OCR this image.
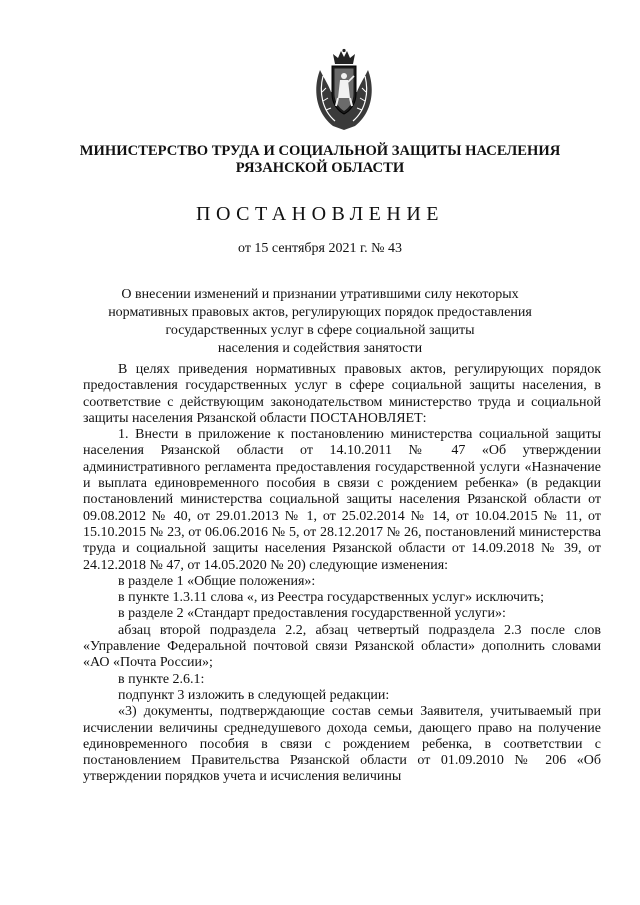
МИНИСТЕРСТВО ТРУДА И СОЦИАЛЬНОЙ ЗАЩИТЫ НАСЕЛЕНИЯ
РЯЗАНСКОЙ ОБЛАСТИ
ПОСТАНОВЛЕНИЕ
от 15 сентября 2021 г. № 43
О внесении изменений и признании утратившими силу некоторых
нормативных правовых актов, регулирующих порядок предоставления
государственных услуг в сфере социальной защиты
населения и содействия занятости

В целях приведения нормативных правовых актов, регулирующих порядок предоставления государственных услуг в сфере социальной защиты населения, в соответствие с действующим законодательством министерство труда и социальной защиты населения Рязанской области ПОСТАНОВЛЯЕТ:

1. Внести в приложение к постановлению министерства социальной защиты населения Рязанской области от 14.10.2011 № 47 «Об утверждении административного регламента предоставления государственной услуги «Назначение и выплата единовременного пособия в связи с рождением ребенка» (в редакции постановлений министерства социальной защиты населения Рязанской области от 09.08.2012 № 40, от 29.01.2013 № 1, от 25.02.2014 № 14, от 10.04.2015 № 11, от 15.10.2015 № 23, от 06.06.2016 № 5, от 28.12.2017 № 26, постановлений министерства труда и социальной защиты населения Рязанской области от 14.09.2018 № 39, от 24.12.2018 № 47, от 14.05.2020 № 20) следующие изменения:

в разделе 1 «Общие положения»:

в пункте 1.3.11 слова «, из Реестра государственных услуг» исключить;

в разделе 2 «Стандарт предоставления государственной услуги»:

абзац второй подраздела 2.2, абзац четвертый подраздела 2.3 после слов «Управление Федеральной почтовой связи Рязанской области» дополнить словами «АО «Почта России»;

в пункте 2.6.1:

подпункт 3 изложить в следующей редакции:

«3) документы, подтверждающие состав семьи Заявителя, учитываемый при исчислении величины среднедушевого дохода семьи, дающего право на получение единовременного пособия в связи с рождением ребенка, в соответствии с постановлением Правительства Рязанской области от 01.09.2010 № 206 «Об утверждении порядков учета и исчисления величины
